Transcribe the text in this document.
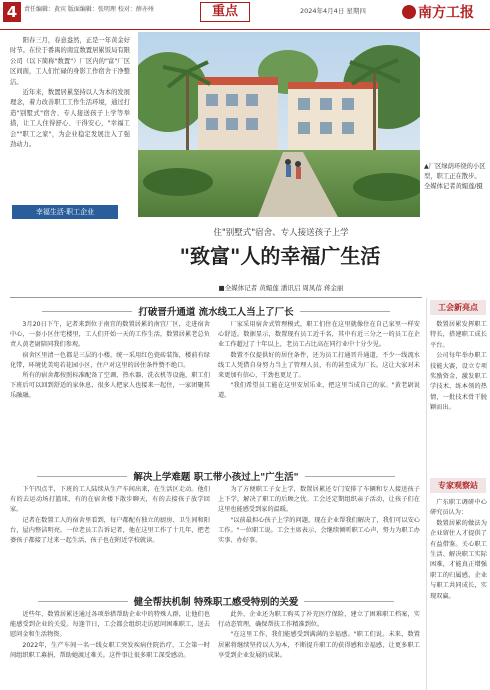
4	责任编辑：黄宾 版面编辑：张明理 校对：薛亦州	重点	2024年4月4日 星期四	南方工报

阳春三月，春意盎然，正是一年黄金好时节。在位于番禺的南宜数置居累饭局有限公司（以下简称"数置"）厂区内的"富"厂区区间面，工人们忙碌的身影工作宿舍干净整洁。

近年来，数置居累坚持以人为本的发展理念，着力改善职工工作生活环境，通过打造"别墅式"宿舍、专人接送孩子上学等举措，让工人住得舒心、干得安心，"幸福工会""职工之家"，为企业稳定发展注入了强劲动力。

▲厂区绿荫环绕的小区型，职工正在散步。全媒体记者黄媚莲/摄
幸福生活·职工企业
住"别墅式"宿舍、专人接送孩子上学
"致富"人的幸福广生活
■全媒体记者 黄媚莲 潘讯启 周凤蓓 蒋金丽
打破晋升通道 流水线工人当上了厂长

3月20日下午，记者来到位于南宜的数置居累的南宜厂区，走进宿舍中心，一套小区住宅楼里，工人们开始一天的工作生活，数置居累老总负责人黄老尉陪同我们参观。

宿舍区里清一色都是三层的小楼，统一采用红色瓷砖装饰，楼前有绿化带，环境优美宛若花园小区，住户对这里的居住条件赞不绝口。

所有的宿舍都按照标准配备了空调、热水器、洗衣机等设施，职工们下班后可以回到舒适的家休息，很多人把家人也接来一起住，一家团聚其乐融融。

厂家采用宿舍式管理模式，职工们住在这里就像住在自己家里一样安心舒适。数据显示，数置现有员工近千名，其中有近三分之一的员工在企业工作超过了十年以上，老员工占比高在同行业中十分少见。

数置不仅提供好的居住条件，还为员工打通晋升通道，不少一线流水线工人凭借自身努力当上了管理人员，有的甚至成为厂长。这让大家对未来更加有信心，干劲也更足了。

"我们希望员工能在这里安居乐业，把这里当成自己的家。"黄老尉说道。

解决上学难题 职工带小孩过上"广生活"

下午四点半，下班的工人陆续从生产车间出来，在生活区走动。他们有的去运动场打篮球，有的在宿舍楼下散步聊天，有的去接孩子放学回家。

记者在数置工人的宿舍里看到，每户都配有独立的厨房、卫生间和阳台，屋内整洁明亮。一位老员工告诉记者，他在这里工作了十几年，把老婆孩子都接了过来一起生活，孩子也在附近学校就读。

为了方便职工子女上学，数置居累还专门安排了车辆和专人接送孩子上下学，解决了职工的后顾之忧。工会还定期组织亲子活动，让孩子们在这里也能感受到家的温暖。

"以前最担心孩子上学的问题，现在企业帮我们解决了，我们可以安心工作。"一位职工说。工会主席表示，会继续倾听职工心声，努力为职工办实事、办好事。

健全帮扶机制 特殊职工感受特别的关爱

近些年，数置居累还通过各项举措帮助企业中的特殊人群，让他们也能感受到企业的关爱。每逢节日，工会都会组织走访慰问困难职工，送去慰问金和生活物资。

2022年，生产车间一名一线女职工突发疾病住院治疗，工会第一时间组织职工募捐，帮助她渡过难关。这件事让很多职工深受感动。

此外，企业还为职工购买了补充医疗保险，建立了困难职工档案，实行动态管理，确保帮扶工作精准到位。

"在这里工作，我们能感受到满满的幸福感。"职工们说。未来，数置居累将继续坚持以人为本，不断提升职工的获得感和幸福感，让更多职工享受到企业发展的成果。

工会新亮点

数置居累发挥职工特长，搭建职工成长平台。

公司每年举办职工技能大赛，设立专项奖励资金，激发职工学技术、练本领的热情，一批技术骨干脱颖而出。

专家观察站

广东职工调研中心研究员认为：

数置居累的做法为企业留住人才提供了有益借鉴。关心职工生活、解决职工实际困难，才能真正增强职工的归属感，企业与职工共同成长，实现双赢。
